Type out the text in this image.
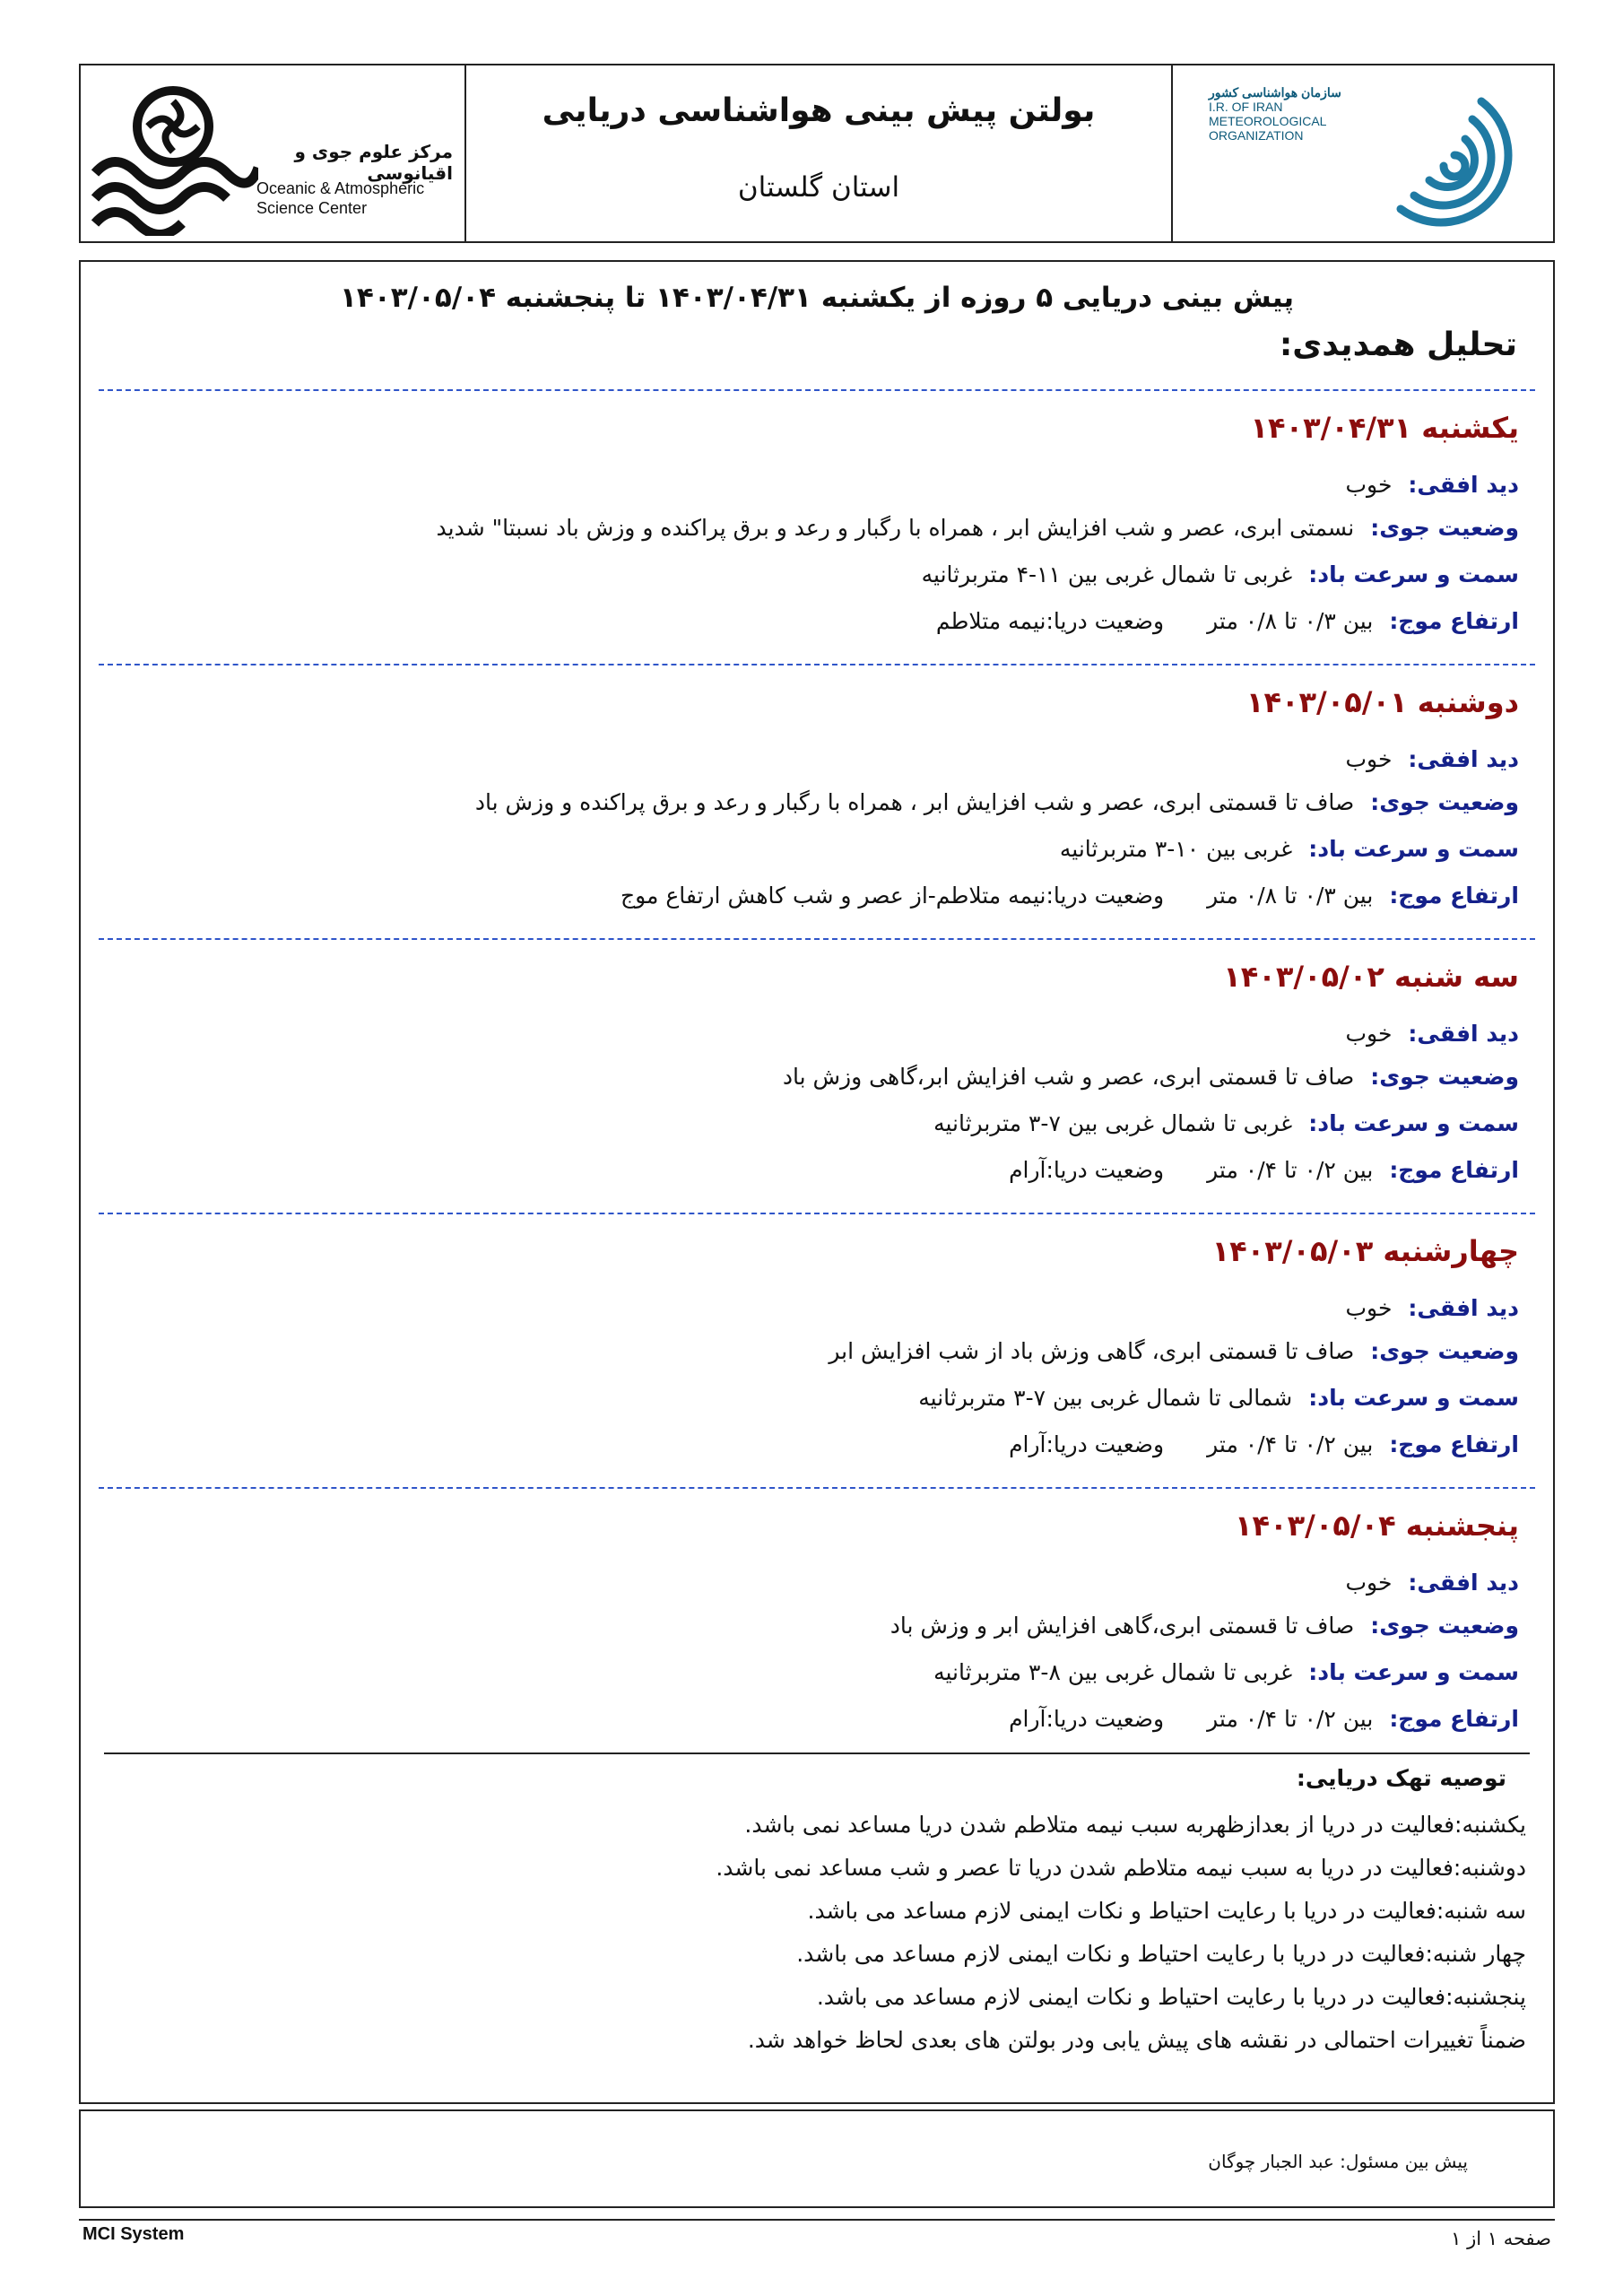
مرکز علوم جوی و اقیانوسی
Oceanic & Atmospheric
Science Center
بولتن پیش بینی هواشناسی دریایی
استان گلستان
سازمان هواشناسی کشور
I.R. OF IRAN
METEOROLOGICAL
ORGANIZATION
پیش بینی دریایی ۵ روزه از یکشنبه ۱۴۰۳/۰۴/۳۱ تا پنجشنبه ۱۴۰۳/۰۵/۰۴
تحلیل همدیدی:
یکشنبه ۱۴۰۳/۰۴/۳۱
دید افقی:خوب
وضعیت جوی:نسمتی ابری، عصر و شب افزایش ابر ، همراه با رگبار و رعد و برق پراکنده و وزش باد نسبتا" شدید
سمت و سرعت باد:غربی تا شمال غربی بین ۱۱-۴ متربرثانیه
ارتفاع موج:بین ۰/۳ تا ۰/۸ متروضعیت دریا:نیمه متلاطم
دوشنبه ۱۴۰۳/۰۵/۰۱
دید افقی:خوب
وضعیت جوی:صاف تا قسمتی ابری، عصر و شب افزایش ابر ، همراه با رگبار و رعد و برق پراکنده و وزش باد
سمت و سرعت باد:غربی بین ۱۰-۳ متربرثانیه
ارتفاع موج:بین ۰/۳ تا ۰/۸ متروضعیت دریا:نیمه متلاطم-از عصر و شب کاهش ارتفاع موج
سه شنبه ۱۴۰۳/۰۵/۰۲
دید افقی:خوب
وضعیت جوی:صاف تا قسمتی ابری، عصر و شب افزایش ابر،گاهی وزش باد
سمت و سرعت باد:غربی تا شمال غربی بین ۷-۳ متربرثانیه
ارتفاع موج:بین ۰/۲ تا ۰/۴ متروضعیت دریا:آرام
چهارشنبه ۱۴۰۳/۰۵/۰۳
دید افقی:خوب
وضعیت جوی:صاف تا قسمتی ابری، گاهی وزش باد از شب افزایش ابر
سمت و سرعت باد:شمالی تا شمال غربی بین ۷-۳ متربرثانیه
ارتفاع موج:بین ۰/۲ تا ۰/۴ متروضعیت دریا:آرام
پنجشنبه ۱۴۰۳/۰۵/۰۴
دید افقی:خوب
وضعیت جوی:صاف تا قسمتی ابری،گاهی افزایش ابر و وزش باد
سمت و سرعت باد:غربی تا شمال غربی بین ۸-۳ متربرثانیه
ارتفاع موج:بین ۰/۲ تا ۰/۴ متروضعیت دریا:آرام
توصیه تهک دریایی:
یکشنبه:فعالیت در دریا از بعدازظهربه سبب نیمه متلاطم شدن دریا مساعد نمی باشد.
دوشنبه:فعالیت در دریا به سبب نیمه متلاطم شدن دریا تا عصر و شب مساعد نمی باشد.
سه شنبه:فعالیت در دریا با رعایت احتیاط و نکات ایمنی لازم مساعد می باشد.
چهار شنبه:فعالیت در دریا با رعایت احتیاط و نکات ایمنی لازم مساعد می باشد.
پنجشنبه:فعالیت در دریا با رعایت احتیاط و نکات ایمنی لازم مساعد می باشد.
ضمناً تغییرات احتمالی در نقشه های پیش یابی ودر بولتن های بعدی لحاظ خواهد شد.
پیش بین مسئول: عبد الجبار چوگان
MCI System	صفحه ۱ از ۱
